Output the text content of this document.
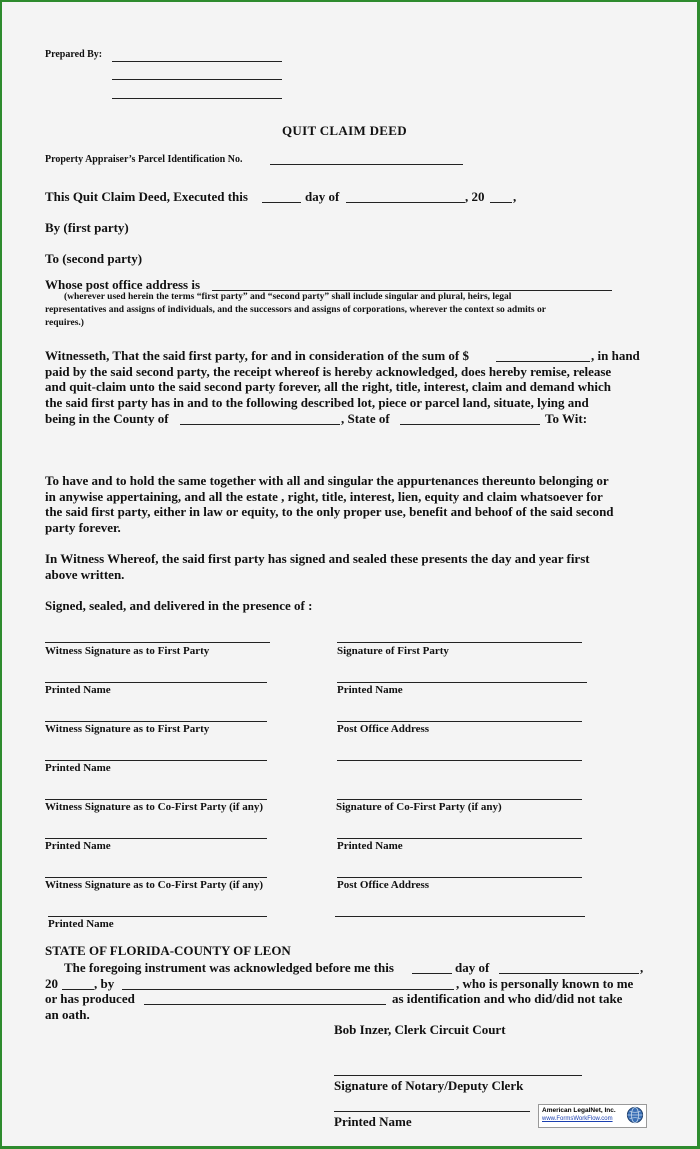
Prepared By:
QUIT CLAIM DEED
Property Appraiser’s Parcel Identification No.
This Quit Claim Deed, Executed this	day of	, 20 ,
By (first party)
To (second party)
Whose post office address is
(wherever used herein the terms “first party” and “second party” shall include singular and plural, heirs, legal
representatives and assigns of individuals, and the successors and assigns of corporations, wherever the context so admits or
requires.)
Witnesseth, That the said first party, for and in consideration of the sum of $	, in hand
paid by the said second party, the receipt whereof is hereby acknowledged, does hereby remise, release
and quit-claim unto the said second party forever, all the right, title, interest, claim and demand which
the said first party has in and to the following described lot, piece or parcel land, situate, lying and
being in the County of	, State of	To Wit:
To have and to hold the same together with all and singular the appurtenances thereunto belonging or
in anywise appertaining, and all the estate , right, title, interest, lien, equity and claim whatsoever for
the said first party, either in law or equity, to the only proper use, benefit and behoof of the said second
party forever.
In Witness Whereof, the said first party has signed and sealed these presents the day and year first
above written.
Signed, sealed, and delivered in the presence of :
Witness Signature as to First Party	Signature of First Party
Printed Name	Printed Name
Witness Signature as to First Party	Post Office Address
Printed Name
Witness Signature as to Co-First Party (if any)	Signature of Co-First Party (if any)
Printed Name	Printed Name
Witness Signature as to Co-First Party (if any)	Post Office Address
Printed Name
STATE OF FLORIDA-COUNTY OF LEON
The foregoing instrument was acknowledged before me this	day of	,
20	, by	, who is personally known to me
or has produced	as identification and who did/did not take
an oath.
Bob Inzer, Clerk Circuit Court
Signature of Notary/Deputy Clerk
Printed Name
American LegalNet, Inc.
www.FormsWorkFlow.com
